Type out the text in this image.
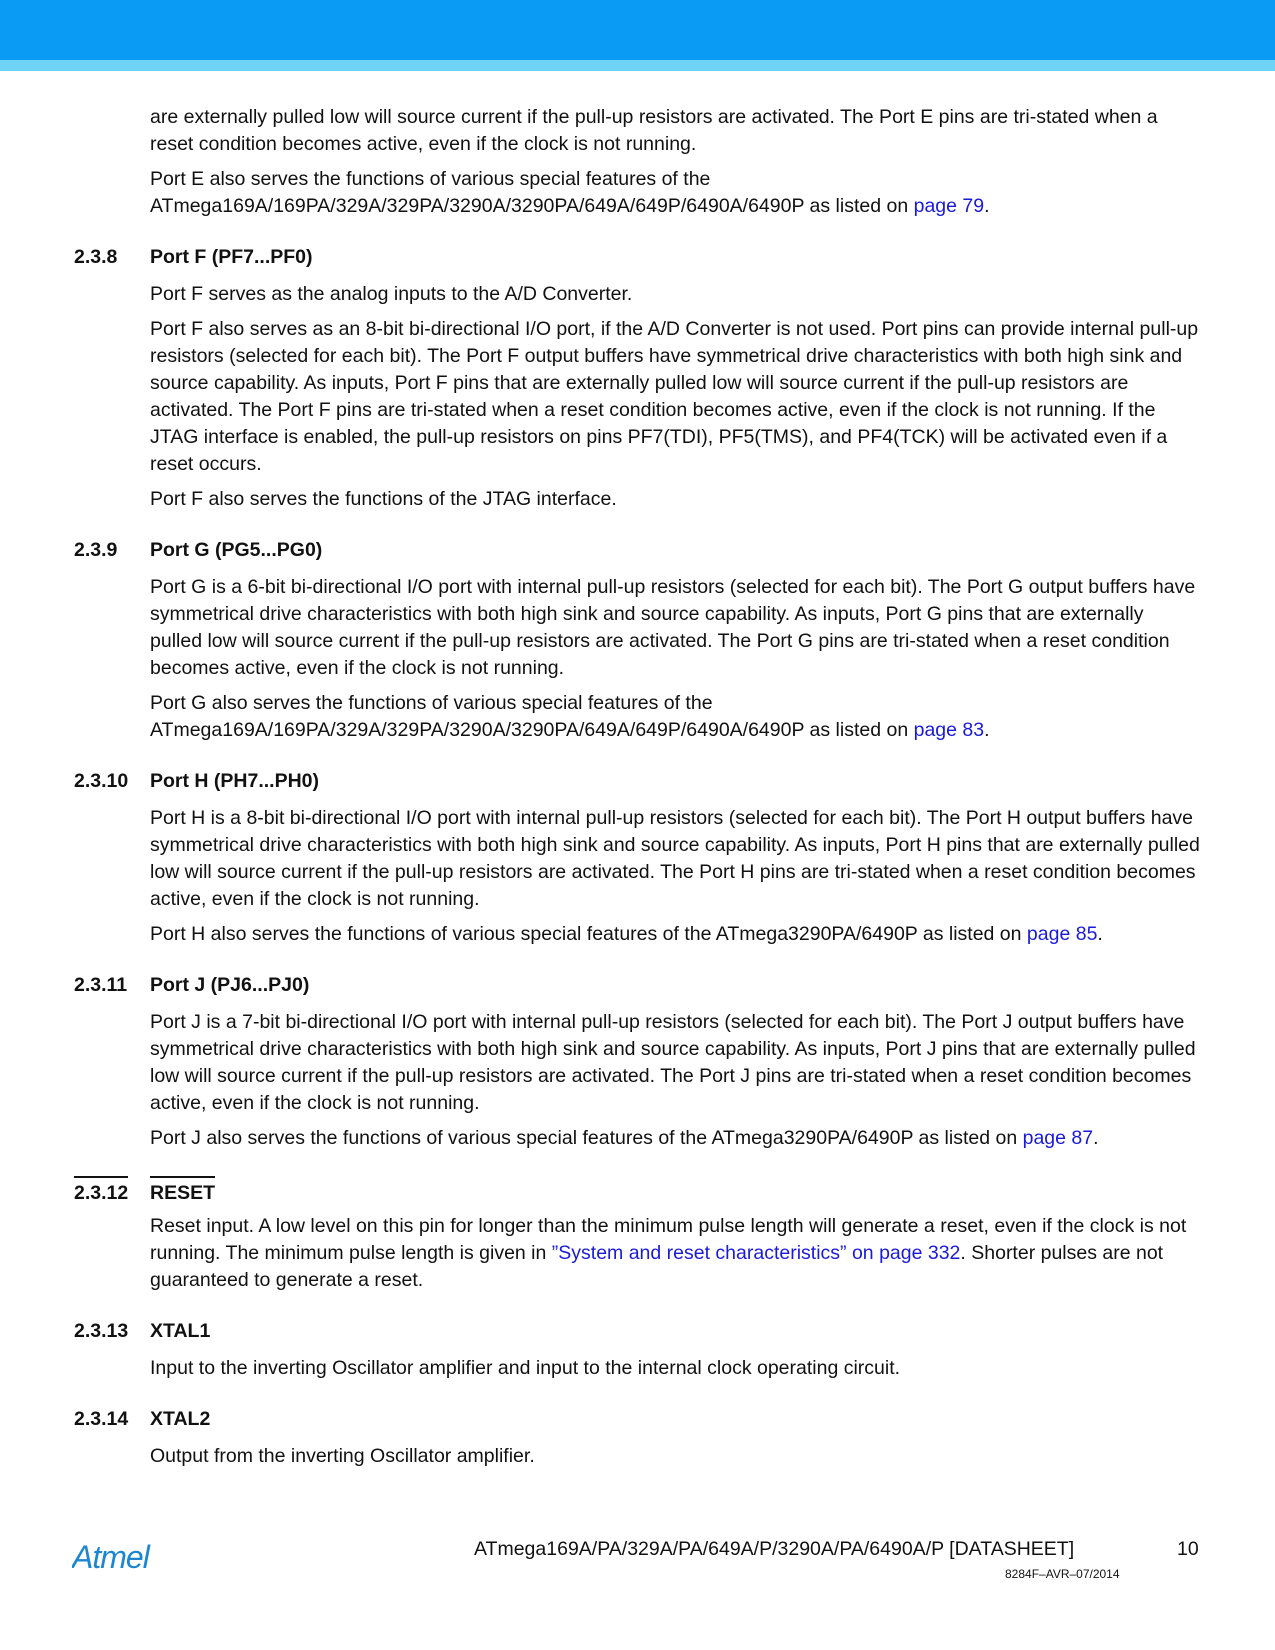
are externally pulled low will source current if the pull-up resistors are activated. The Port E pins are tri-stated when a reset condition becomes active, even if the clock is not running.

Port E also serves the functions of various special features of the ATmega169A/169PA/329A/329PA/3290A/3290PA/649A/649P/6490A/6490P as listed on page 79.

2.3.8 Port F (PF7...PF0)

Port F serves as the analog inputs to the A/D Converter.

Port F also serves as an 8-bit bi-directional I/O port, if the A/D Converter is not used. Port pins can provide internal pull-up resistors (selected for each bit). The Port F output buffers have symmetrical drive characteristics with both high sink and source capability. As inputs, Port F pins that are externally pulled low will source current if the pull-up resistors are activated. The Port F pins are tri-stated when a reset condition becomes active, even if the clock is not running. If the JTAG interface is enabled, the pull-up resistors on pins PF7(TDI), PF5(TMS), and PF4(TCK) will be activated even if a reset occurs.

Port F also serves the functions of the JTAG interface.

2.3.9 Port G (PG5...PG0)

Port G is a 6-bit bi-directional I/O port with internal pull-up resistors (selected for each bit). The Port G output buffers have symmetrical drive characteristics with both high sink and source capability. As inputs, Port G pins that are externally pulled low will source current if the pull-up resistors are activated. The Port G pins are tri-stated when a reset condition becomes active, even if the clock is not running.

Port G also serves the functions of various special features of the ATmega169A/169PA/329A/329PA/3290A/3290PA/649A/649P/6490A/6490P as listed on page 83.

2.3.10 Port H (PH7...PH0)

Port H is a 8-bit bi-directional I/O port with internal pull-up resistors (selected for each bit). The Port H output buffers have symmetrical drive characteristics with both high sink and source capability. As inputs, Port H pins that are externally pulled low will source current if the pull-up resistors are activated. The Port H pins are tri-stated when a reset condition becomes active, even if the clock is not running.

Port H also serves the functions of various special features of the ATmega3290PA/6490P as listed on page 85.

2.3.11 Port J (PJ6...PJ0)

Port J is a 7-bit bi-directional I/O port with internal pull-up resistors (selected for each bit). The Port J output buffers have symmetrical drive characteristics with both high sink and source capability. As inputs, Port J pins that are externally pulled low will source current if the pull-up resistors are activated. The Port J pins are tri-stated when a reset condition becomes active, even if the clock is not running.

Port J also serves the functions of various special features of the ATmega3290PA/6490P as listed on page 87.

2.3.12 RESET

Reset input. A low level on this pin for longer than the minimum pulse length will generate a reset, even if the clock is not running. The minimum pulse length is given in ”System and reset characteristics” on page 332. Shorter pulses are not guaranteed to generate a reset.

2.3.13 XTAL1

Input to the inverting Oscillator amplifier and input to the internal clock operating circuit.

2.3.14 XTAL2

Output from the inverting Oscillator amplifier.

Atmel	ATmega169A/PA/329A/PA/649A/P/3290A/PA/6490A/P [DATASHEET]	10
8284F–AVR–07/2014
